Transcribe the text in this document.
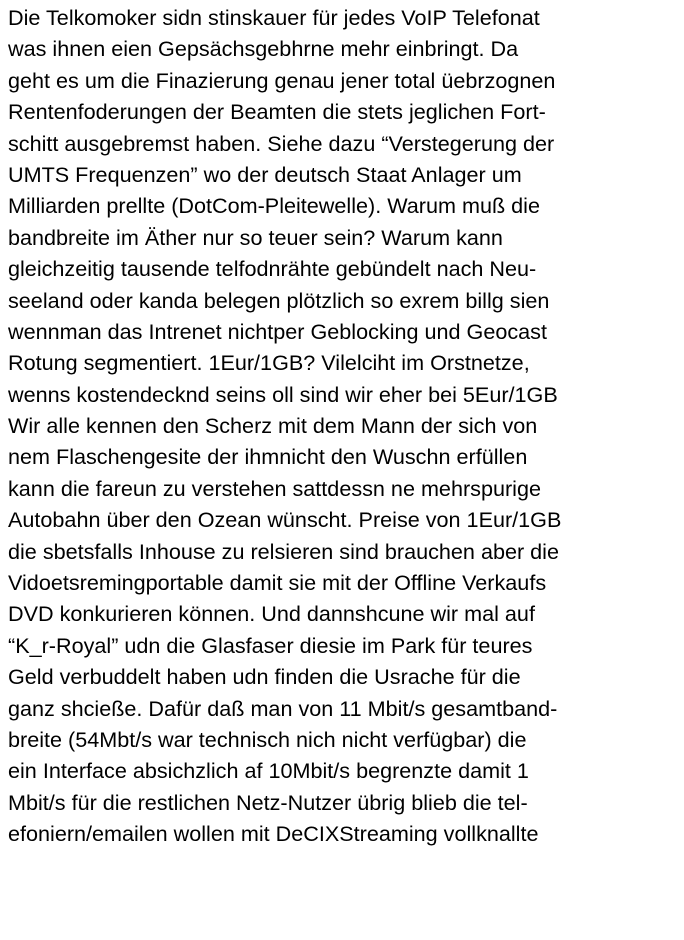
Die Telkomoker sidn stinskauer für jedes VoIP Telefonat
was ihnen eien Gepsächsgebhrne mehr einbringt. Da
geht es um die Finazierung genau jener total üebrzognen
Rentenfoderungen der Beamten die stets jeglichen Fort-
schitt ausgebremst haben. Siehe dazu “Verstegerung der
UMTS Frequenzen” wo der deutsch Staat Anlager um
Milliarden prellte (DotCom-Pleitewelle). Warum muß die
bandbreite im Äther nur so teuer sein? Warum kann
gleichzeitig tausende telfodnrähte gebündelt nach Neu-
seeland oder kanda belegen plötzlich so exrem billg sien
wennman das Intrenet nichtper Geblocking und Geocast
Rotung segmentiert. 1Eur/1GB? Vilelciht im Orstnetze,
wenns kostendecknd seins oll sind wir eher bei 5Eur/1GB
Wir alle kennen den Scherz mit dem Mann der sich von
nem Flaschengesite der ihmnicht den Wuschn erfüllen
kann die fareun zu verstehen sattdessn ne mehrspurige
Autobahn über den Ozean wünscht. Preise von 1Eur/1GB
die sbetsfalls Inhouse zu relsieren sind brauchen aber die
Vidoetsremingportable damit sie mit der Offline Verkaufs
DVD konkurieren können. Und dannshcune wir mal auf
“K_r-Royal” udn die Glasfaser diesie im Park für teures
Geld verbuddelt haben udn finden die Usrache für die
ganz shcieße. Dafür daß man von 11 Mbit/s gesamtband-
breite (54Mbt/s war technisch nich nicht verfügbar) die
ein Interface absichzlich af 10Mbit/s begrenzte damit 1
Mbit/s für die restlichen Netz-Nutzer übrig blieb die tel-
efoniern/emailen wollen mit DeCIXStreaming vollknallte
